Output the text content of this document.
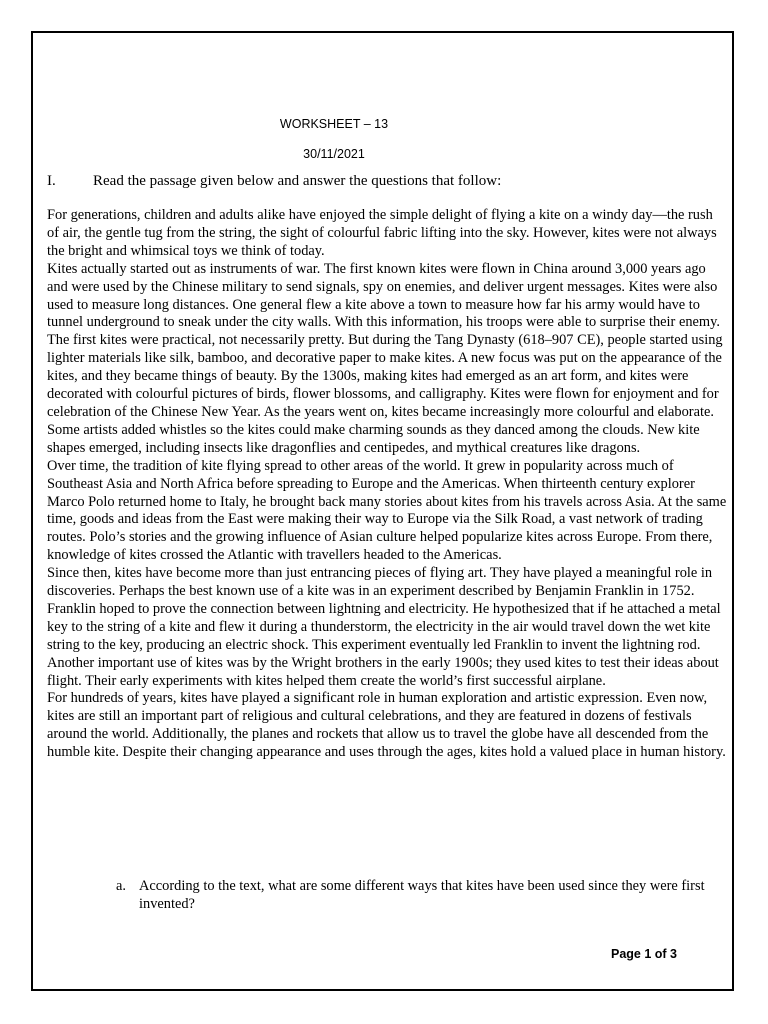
WORKSHEET – 13
30/11/2021
I. Read the passage given below and answer the questions that follow:

For generations, children and adults alike have enjoyed the simple delight of flying a kite on a windy day—the rush of air, the gentle tug from the string, the sight of colourful fabric lifting into the sky. However, kites were not always the bright and whimsical toys we think of today.

Kites actually started out as instruments of war. The first known kites were flown in China around 3,000 years ago and were used by the Chinese military to send signals, spy on enemies, and deliver urgent messages. Kites were also used to measure long distances. One general flew a kite above a town to measure how far his army would have to tunnel underground to sneak under the city walls. With this information, his troops were able to surprise their enemy.

The first kites were practical, not necessarily pretty. But during the Tang Dynasty (618–907 CE), people started using lighter materials like silk, bamboo, and decorative paper to make kites. A new focus was put on the appearance of the kites, and they became things of beauty. By the 1300s, making kites had emerged as an art form, and kites were decorated with colourful pictures of birds, flower blossoms, and calligraphy. Kites were flown for enjoyment and for celebration of the Chinese New Year. As the years went on, kites became increasingly more colourful and elaborate. Some artists added whistles so the kites could make charming sounds as they danced among the clouds. New kite shapes emerged, including insects like dragonflies and centipedes, and mythical creatures like dragons.

Over time, the tradition of kite flying spread to other areas of the world. It grew in popularity across much of Southeast Asia and North Africa before spreading to Europe and the Americas. When thirteenth century explorer Marco Polo returned home to Italy, he brought back many stories about kites from his travels across Asia. At the same time, goods and ideas from the East were making their way to Europe via the Silk Road, a vast network of trading routes. Polo’s stories and the growing influence of Asian culture helped popularize kites across Europe. From there, knowledge of kites crossed the Atlantic with travellers headed to the Americas.

Since then, kites have become more than just entrancing pieces of flying art. They have played a meaningful role in discoveries. Perhaps the best known use of a kite was in an experiment described by Benjamin Franklin in 1752. Franklin hoped to prove the connection between lightning and electricity. He hypothesized that if he attached a metal key to the string of a kite and flew it during a thunderstorm, the electricity in the air would travel down the wet kite string to the key, producing an electric shock. This experiment eventually led Franklin to invent the lightning rod. Another important use of kites was by the Wright brothers in the early 1900s; they used kites to test their ideas about flight. Their early experiments with kites helped them create the world’s first successful airplane.

For hundreds of years, kites have played a significant role in human exploration and artistic expression. Even now, kites are still an important part of religious and cultural celebrations, and they are featured in dozens of festivals around the world. Additionally, the planes and rockets that allow us to travel the globe have all descended from the humble kite. Despite their changing appearance and uses through the ages, kites hold a valued place in human history.

a. According to the text, what are some different ways that kites have been used since they were first invented?
Page 1 of 3
